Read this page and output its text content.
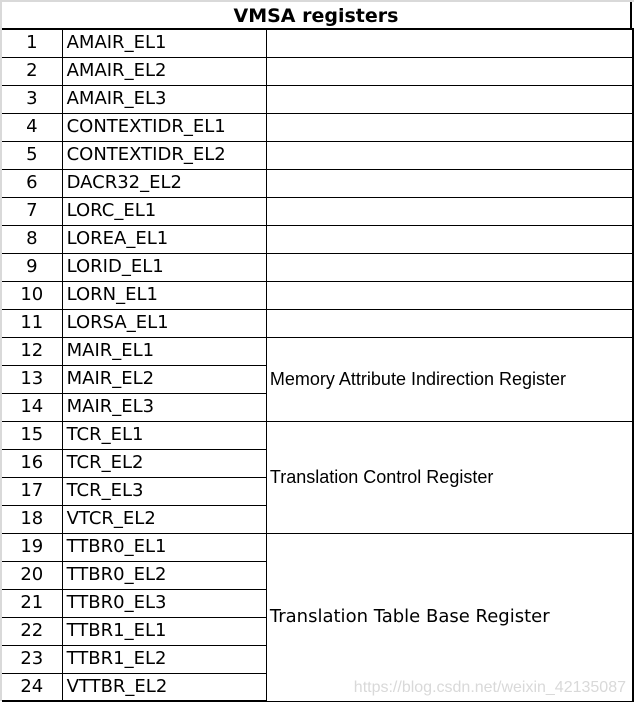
VMSA registers
1	AMAIR_EL1	
2	AMAIR_EL2	
3	AMAIR_EL3	
4	CONTEXTIDR_EL1	
5	CONTEXTIDR_EL2	
6	DACR32_EL2	
7	LORC_EL1	
8	LOREA_EL1	
9	LORID_EL1	
10	LORN_EL1	
11	LORSA_EL1	
12	MAIR_EL1	Memory Attribute Indirection Register
13	MAIR_EL2	
14	MAIR_EL3	
15	TCR_EL1	Translation Control Register
16	TCR_EL2	
17	TCR_EL3	
18	VTCR_EL2	
19	TTBR0_EL1	Translation Table Base Register
20	TTBR0_EL2	
21	TTBR0_EL3	
22	TTBR1_EL1	
23	TTBR1_EL2	
24	VTTBR_EL2		https://blog.csdn.net/weixin_42135087
